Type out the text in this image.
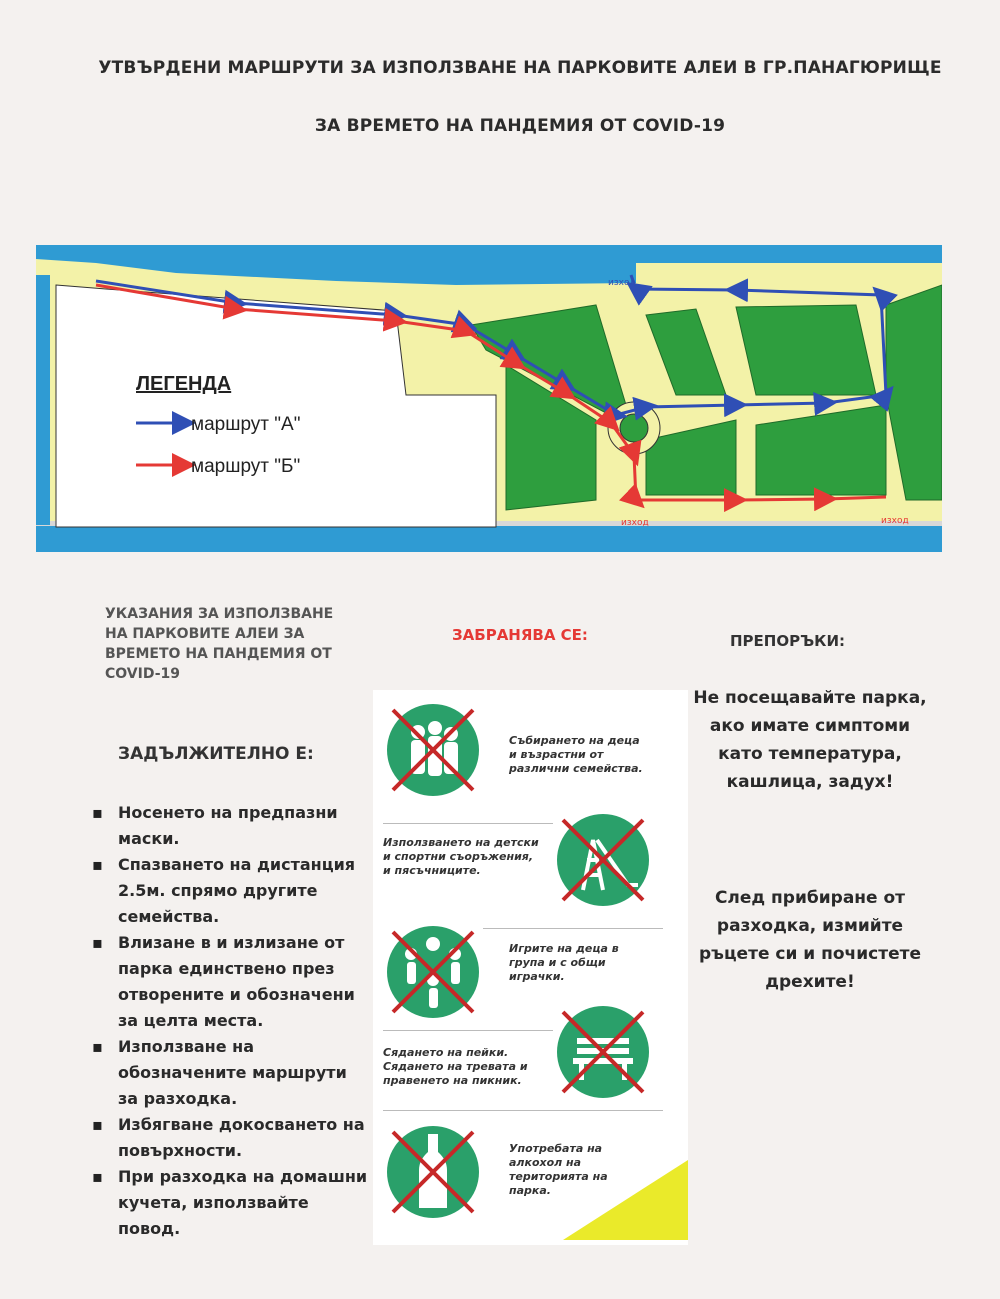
УТВЪРДЕНИ МАРШРУТИ ЗА ИЗПОЛЗВАНЕ НА ПАРКОВИТЕ АЛЕИ В ГР.ПАНАГЮРИЩЕ
ЗА ВРЕМЕТО НА ПАНДЕМИЯ ОТ COVID-19
изход
изход	изход
ЛЕГЕНДА
маршрут "А"
маршрут "Б"
УКАЗАНИЯ ЗА ИЗПОЛЗВАНЕ НА ПАРКОВИТЕ АЛЕИ ЗА ВРЕМЕТО НА ПАНДЕМИЯ ОТ COVID-19
ЗАДЪЛЖИТЕЛНО Е:
▪ Носенето на предпазни маски.
▪ Спазването на дистанция 2.5м. спрямо другите семейства.
▪ Влизане в и излизане от парка единствено през отворените и обозначени за целта места.
▪ Използване на обозначените маршрути за разходка.
▪ Избягване докосването на повърхности.
▪ При разходка на домашни кучета, използвайте повод.
ЗАБРАНЯВА СЕ:
Събирането на деца и възрастни от различни семейства.
Използването на детски и спортни съоръжения, и пясъчниците.
Игрите на деца в група и с общи играчки.
Сядането на пейки. Сядането на тревата и правенето на пикник.
Употребата на алкохол на територията на парка.
ПРЕПОРЪКИ:
Не посещавайте парка, ако имате симптоми като температура, кашлица, задух!
След прибиране от разходка, измийте ръцете си и почистете дрехите!
